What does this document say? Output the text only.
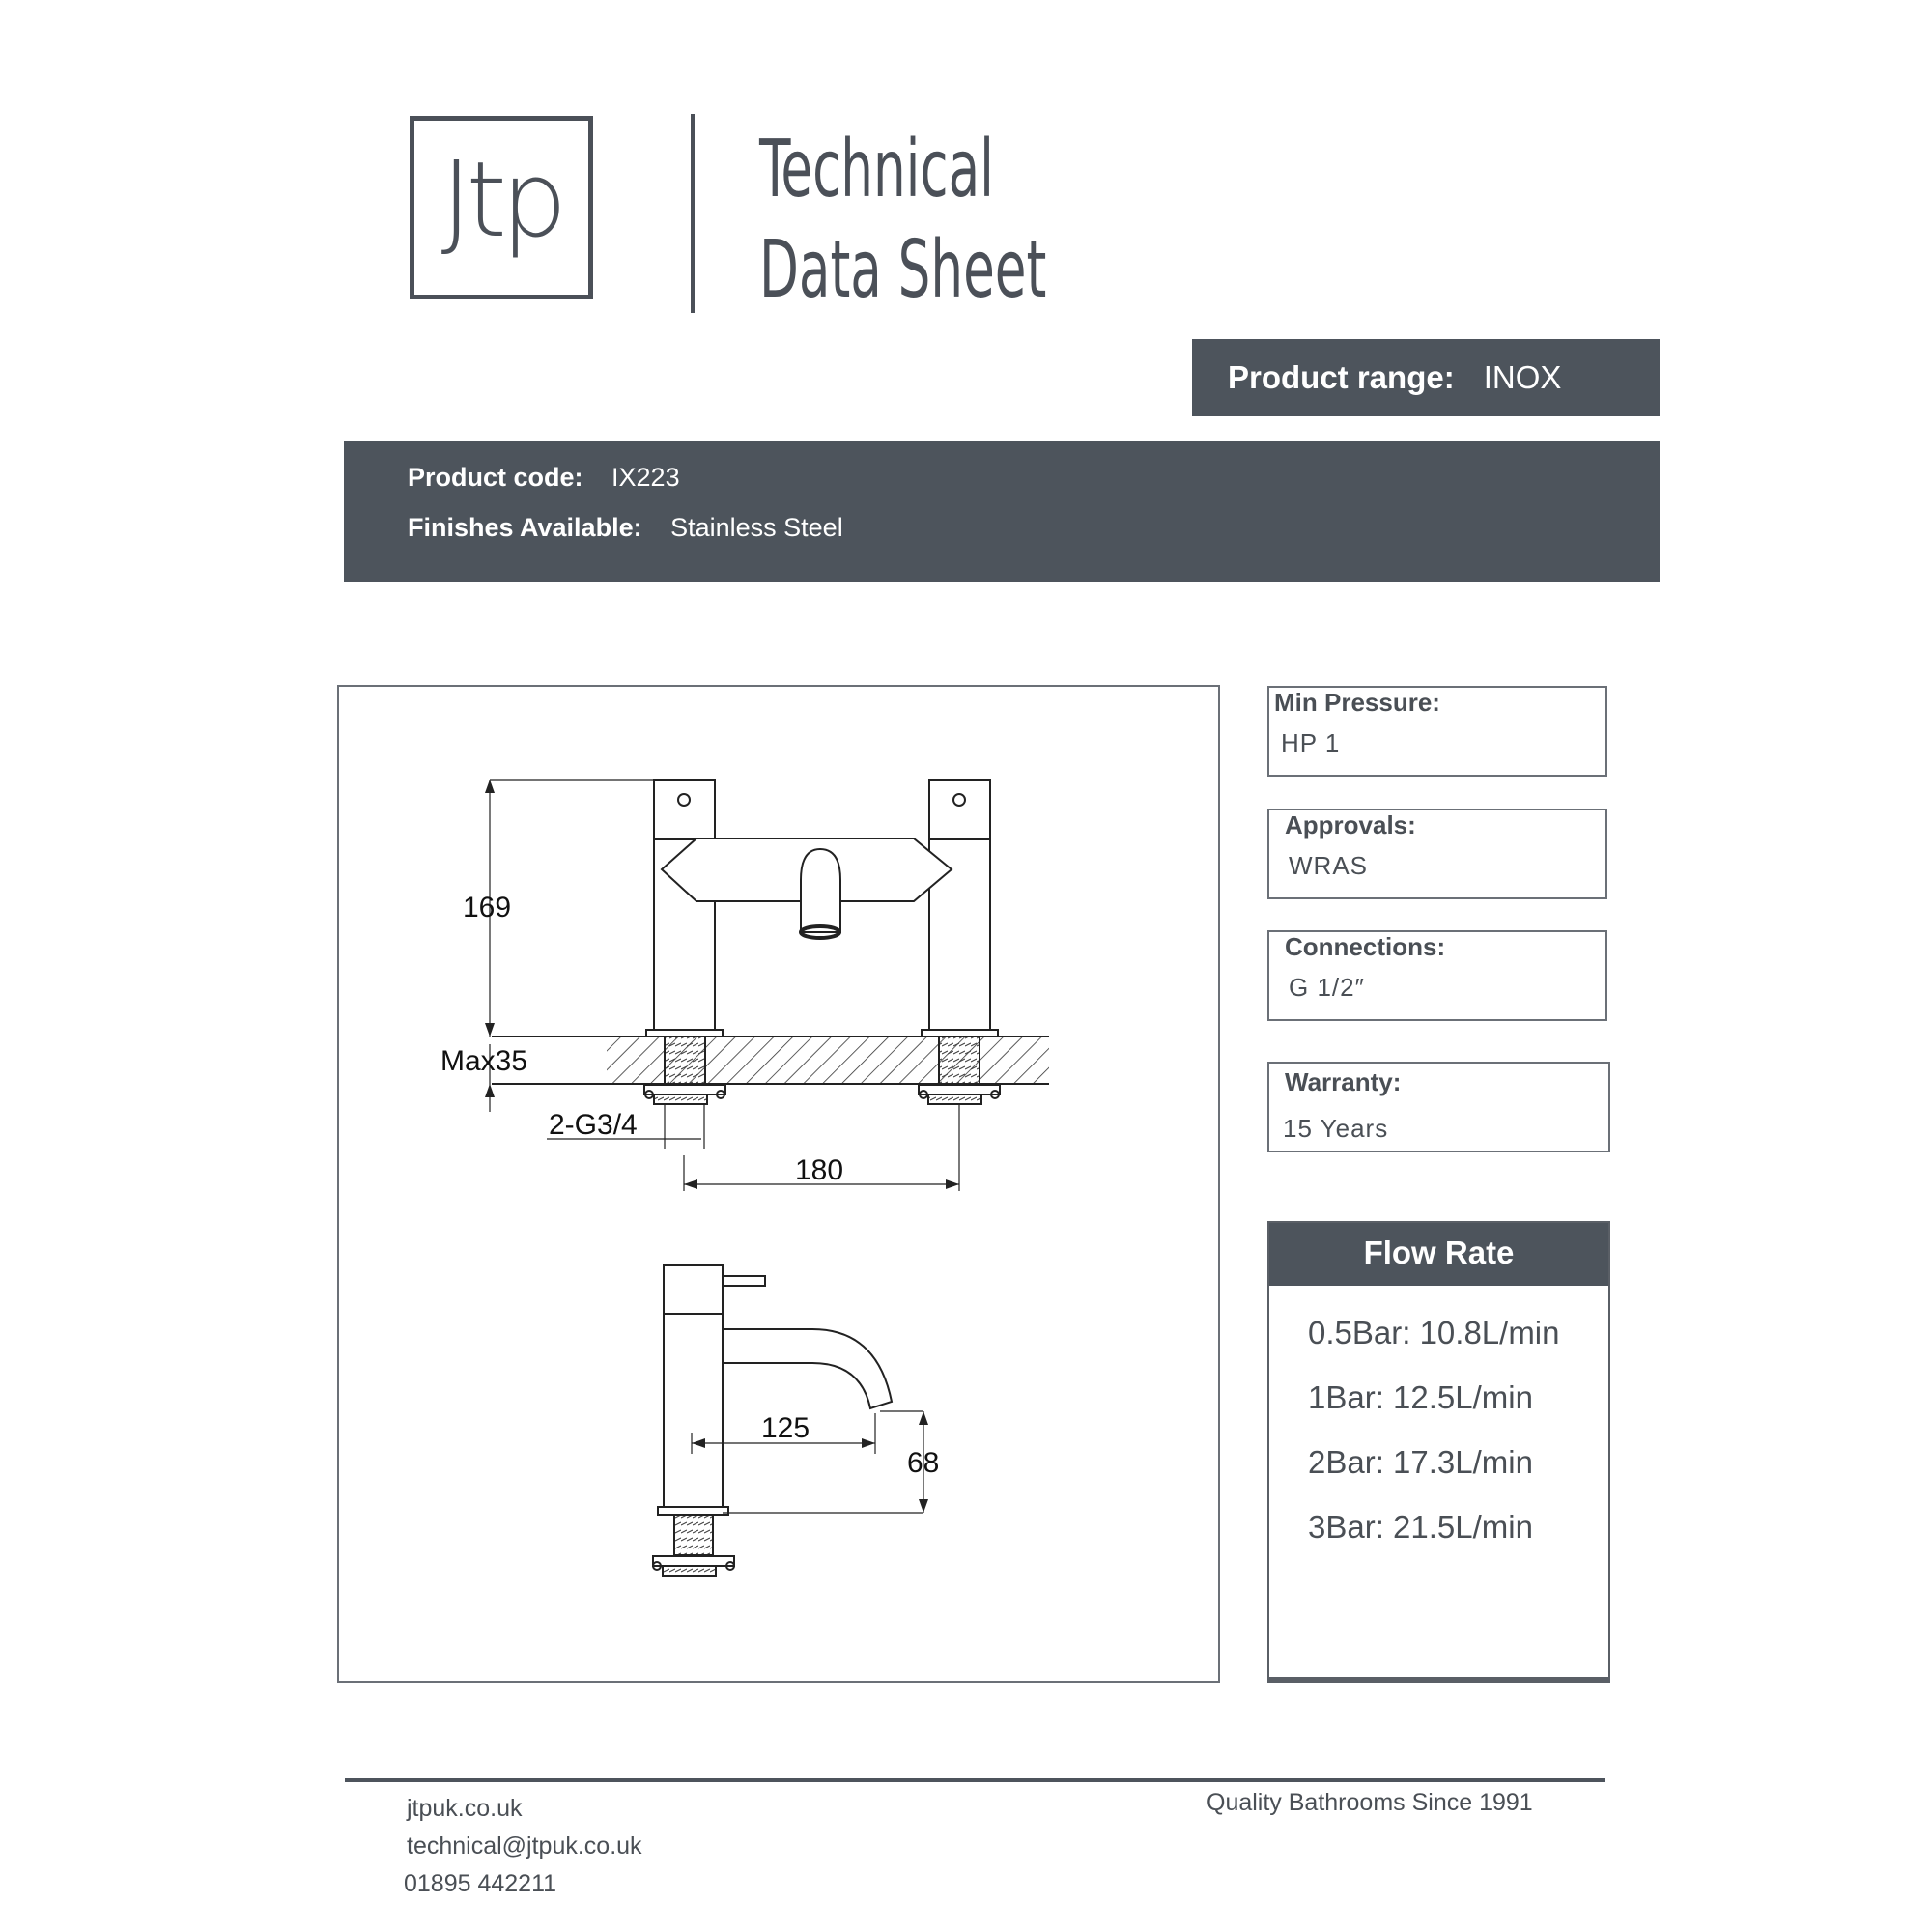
Jtp	Technical
Data Sheet
Product range: INOX
Product code: IX223
Finishes Available: Stainless Steel
169
Max35
2-G3/4
180
125
68
Min Pressure:
HP 1
Approvals:
WRAS
Connections:
G 1/2″
Warranty:
15 Years
Flow Rate
0.5Bar: 10.8L/min
1Bar: 12.5L/min
2Bar: 17.3L/min
3Bar: 21.5L/min
jtpuk.co.uk
technical@jtpuk.co.uk
01895 442211
Quality Bathrooms Since 1991
